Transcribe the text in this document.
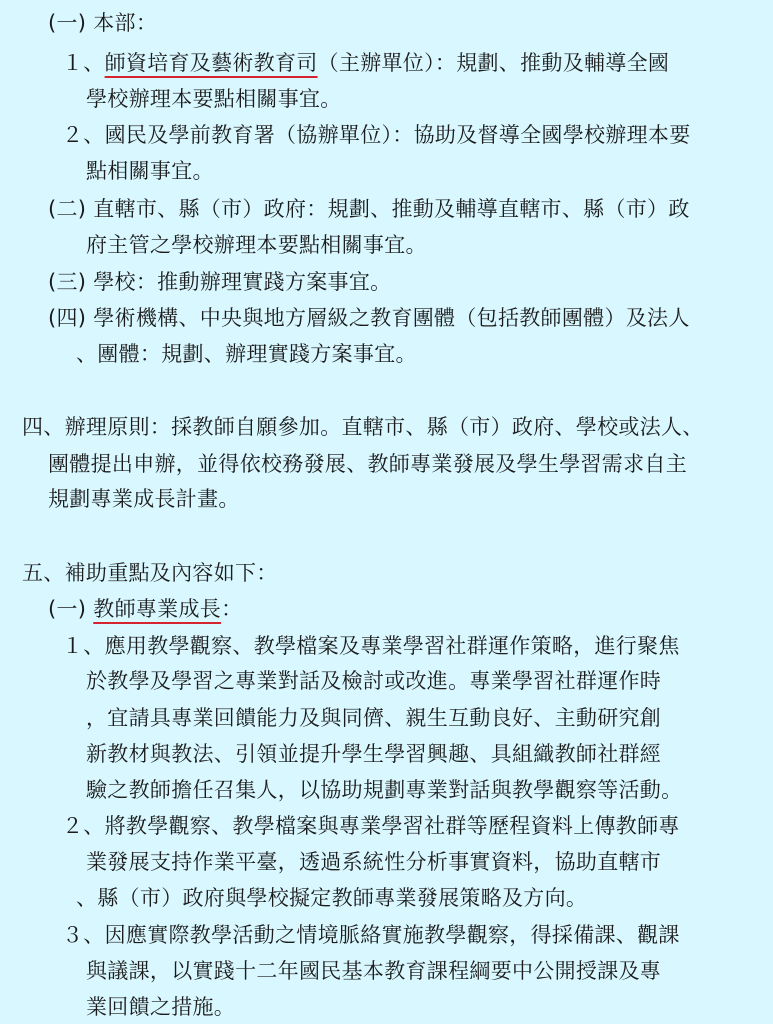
(一) 本部：
１、師資培育及藝術教育司（主辦單位）：規劃、推動及輔導全國
學校辦理本要點相關事宜。
２、國民及學前教育署（協辦單位）：協助及督導全國學校辦理本要
點相關事宜。
(二) 直轄市、縣（市）政府：規劃、推動及輔導直轄市、縣（市）政
府主管之學校辦理本要點相關事宜。
(三) 學校：推動辦理實踐方案事宜。
(四) 學術機構、中央與地方層級之教育團體（包括教師團體）及法人
、團體：規劃、辦理實踐方案事宜。
四、辦理原則：採教師自願參加。直轄市、縣（市）政府、學校或法人、
團體提出申辦，並得依校務發展、教師專業發展及學生學習需求自主
規劃專業成長計畫。
五、補助重點及內容如下：
(一) 教師專業成長：
１、應用教學觀察、教學檔案及專業學習社群運作策略，進行聚焦
於教學及學習之專業對話及檢討或改進。專業學習社群運作時
，宜請具專業回饋能力及與同儕、親生互動良好、主動研究創
新教材與教法、引領並提升學生學習興趣、具組織教師社群經
驗之教師擔任召集人，以協助規劃專業對話與教學觀察等活動。
２、將教學觀察、教學檔案與專業學習社群等歷程資料上傳教師專
業發展支持作業平臺，透過系統性分析事實資料，協助直轄市
、縣（市）政府與學校擬定教師專業發展策略及方向。
３、因應實際教學活動之情境脈絡實施教學觀察，得採備課、觀課
與議課，以實踐十二年國民基本教育課程綱要中公開授課及專
業回饋之措施。
